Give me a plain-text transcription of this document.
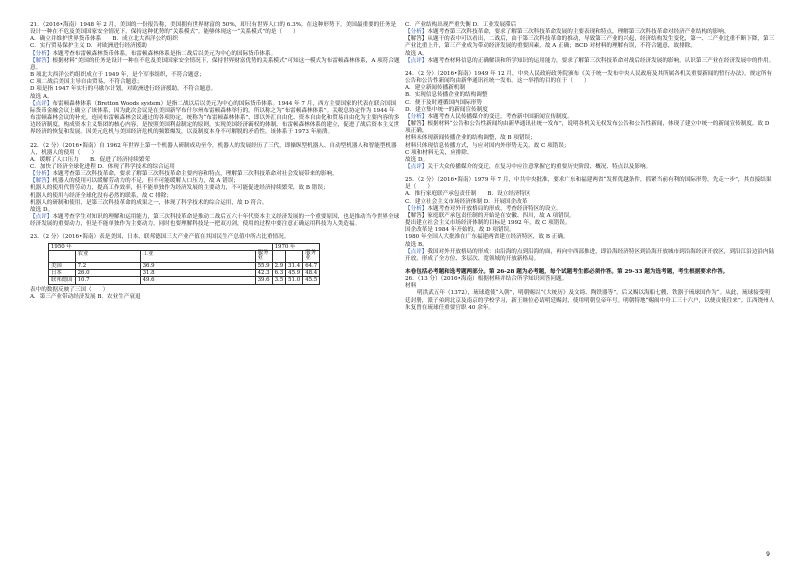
21．（2016•海南）1948 年 2 月，美国的一份报告称，美国拥有世界财富的 50%，却只有世界人口的 6.3%。在这种形势下，美国最重要的任务是设计一种在不危及美国国家安全情况下，保持这种优势的“关系模式”。能够体现这一“关系模式”的是（　　）

A．确立并维护世界货币体系　　B．成立北大西洋公约组织

C．实行贸易保护主义 D．对欧洲进行经济援助

【分析】本题考查布雷顿森林货币体系，布雷顿森林体系是指二战后以美元为中心的国际货币体系。

【解答】根据材料“美国的任务是设计一种在不危及美国国家安全情况下，保持世界财富优势的关系模式”可知这一模式为布雷顿森林体系，A 项符合题意。

B 项北大西洋公约组织成立于 1949 年，是个军事组织，不符合题意；

C 项二战后美国主导自由贸易，不符合题意；

D 项是指 1947 年实行的马歇尔计划，对欧洲进行经济援助，不符合题意。

故选 A。

【点评】布雷顿森林体系（Bretton Woods system）是指二战以后以美元为中心的国际货币体系。1944 年 7 月，西方主要国家的代表在联合国国际货币金融会议上确立了该体系，因为此次会议是在美国新罕布什尔州布雷顿森林举行的，所以称之为“布雷顿森林体系”。关税总协定作为 1944 年布雷顿森林会议的补充，连同布雷顿森林会议通过的各项协定，统称为“布雷顿森林体系”，即以外汇自由化、资本自由化和贸易自由化为主要内容的多边经济制度，构成资本主义集团的核心内容，是按照美国利益制定的原则，实现美国经济霸权的体制。布雷顿森林体系的建立，促进了战后资本主义世界经济的恢复和发展。因美元危机与美国经济危机的频繁爆发，以及制度本身不可解脱的矛盾性，该体系于 1973 年崩溃。

22．（2 分）（2016•海南）自 1962 年世界上第一个机器人研制成功至今，机器人的发展经历了三代，即操纵型机器人、自动型机器人和智能型机器人，机器人的使用（　　）

A．缓解了人口压力　　B．促进了经济持续繁荣

C．加快了经济全球化进程 D．体现了科学技术的综合运用

【分析】本题考查第三次科技革命，要求了解第三次科技革命主要内容和特点，理解第三次科技革命对社会发展带来的影响。

【解答】机器人的使用可以缓解劳动力的不足，但不可能缓解人口压力，故 A 错误；

机器人的使用代替劳动力，提高工作效率，但不能单独作为经济发展的主要动力，不可能促进经济持续繁荣，故 B 错误；

机器人的使用与经济全球化没有必然的联系，故 C 排除；

机器人的研制和使用，是第三次科技革命的成果之一，体现了科学技术的综合运用，故 D 符合。

故选 D。

【点评】本题考查学生对知识的理解和运用能力，第三次科技革命是推动二战后五六十年代资本主义经济发展的一个重要原因，也是推动当今世界全球经济发展的重要动力，但是不能单独作为主要动力，同时也要理解科技是一把双刃剑，使用的过程中要注意正确运用科技为人类造福。

23．（2 分）（2016•海南）表是美国、日本、联邦德国三大产业产值在其国民生产总值中所占比重情况。

1950 年				1970 年		
	农业	工业	服务业			服务业
美国	7.2	36.9	55.9	2.9	31.4	64.7
日本	26.0	31.8	42.3	6.3	45.9	48.4
联邦德国	10.7	49.6	39.6	3.5	51.0	45.5

表中的数据反映了三国（　　）

A．第三产业带动经济发展 B．农业生产衰退

C．产业结构出现严重失衡 D．工业发展滞后

【分析】本题考查第三次科技革命，要求了解第三次科技革命发展的主要表现和特点，理解第三次科技革命对经济产业结构的影响。

【解答】从题干的表中可以看出，二战后，由于第三次科技革命的推动，导致第三产业的兴起，经济结构发生变化，第一、二产业比重不断下降，第三产业比重上升，第三产业成为带动经济发展的重要因素，故 A 正确；BCD 对材料的理解有误，不符合题意，故排除。

故选 A。

【点评】本题考查材料信息的正确解读和所学知识的运用能力，要求了解第三次科技革命对战后经济发展的影响，认识第三产业在经济发展中的作用。

24．（2 分）（2016•海南）1949 年 12 月，中央人民政府政务院颁布《关于统一发布中央人民政府及其所属各机关重要新闻的暂行办法》，规定所有公告和公告性新闻均由新华通讯社统一发布。这一举措的目的在于（　　）

A．建立新闻传播新机制

B．实现信息传播企业的结构调整

C．便于及时遵循国内国际形势

D．建立集中统一的新闻宣传制度

【分析】本题考查人民传播媒介的变迁，考查新中国新闻宣传制度。

【解答】根据材料“公告和公告性新闻均由新华通讯社统一发布”，说明各机关无权发布公告和公告性新闻，体现了建立中统一的新闻宣传制度，故 D 项正确。

材料未体现新闻传播企业的结构调整，故 B 项错误；

材料只体现信息传播方式，与应对国内外形势无关，故 C 项错误；

C 项和材料无关，应排除。

故选 D。

【点评】关于大众传播媒介的变迁，在复习中应注意掌握它的重要历史阶段、概况、特点以及影响。

25．（2 分）（2016•海南）1979 年 7 月，中共中央批准，要求广东和福建两省“发挥优越条件，抓紧当前有利的国际形势，先走一步”，其直接结果是（　　）

A．推行家庭联产承包责任制　　B．设立经济特区

C．建立社会主义市场经济体制 D．开展国企改革

【分析】本题考查对外开放格局的形成，考查经济特区的设立。

【解答】家庭联产承包责任制的开始是在安徽、四川，故 A 项错误。

提出建立社会主义市场经济体制的目标是 1992 年，故 C 项错误。

国企改革是 1984 年开始的，故 D 项错误。

1980 年全国人大批准在广东福建两省建立经济特区，故 B 正确。

故选 B。

【点评】我国对外开放格局的形成：由沿海的点到沿海的面，再向中西部推进，即沿海经济特区到沿海开放城市到沿海经济开放区，到沿江沿边沿内陆开放，形成了全方位、多层次、宽领域的开放新格局。

本卷包括必考题和选考题两部分。第 26-28 题为必考题，每个试题考生都必须作答。第 29-33 题为选考题，考生根据要求作答。

26．（13 分）（2016•海南）根据材料并结合所学知识回答问题。

材料

明洪武五年（1372），琉球遣使“入朝”，明朝赐以“《大统历》及文绮、陶铁器等”，后又赐以海船七艘、铁器于琉球国作为“。从此，琉球接受明廷封册，派子弟到北京及南京的学校学习，新王继位必请明廷赐封，使用明朝皇帝年号。明朝特地“赐闽中舟工三十六户，以便贡使往来”。江西饶州人朱复曾在琉球任重要官职 40 余年。

9
